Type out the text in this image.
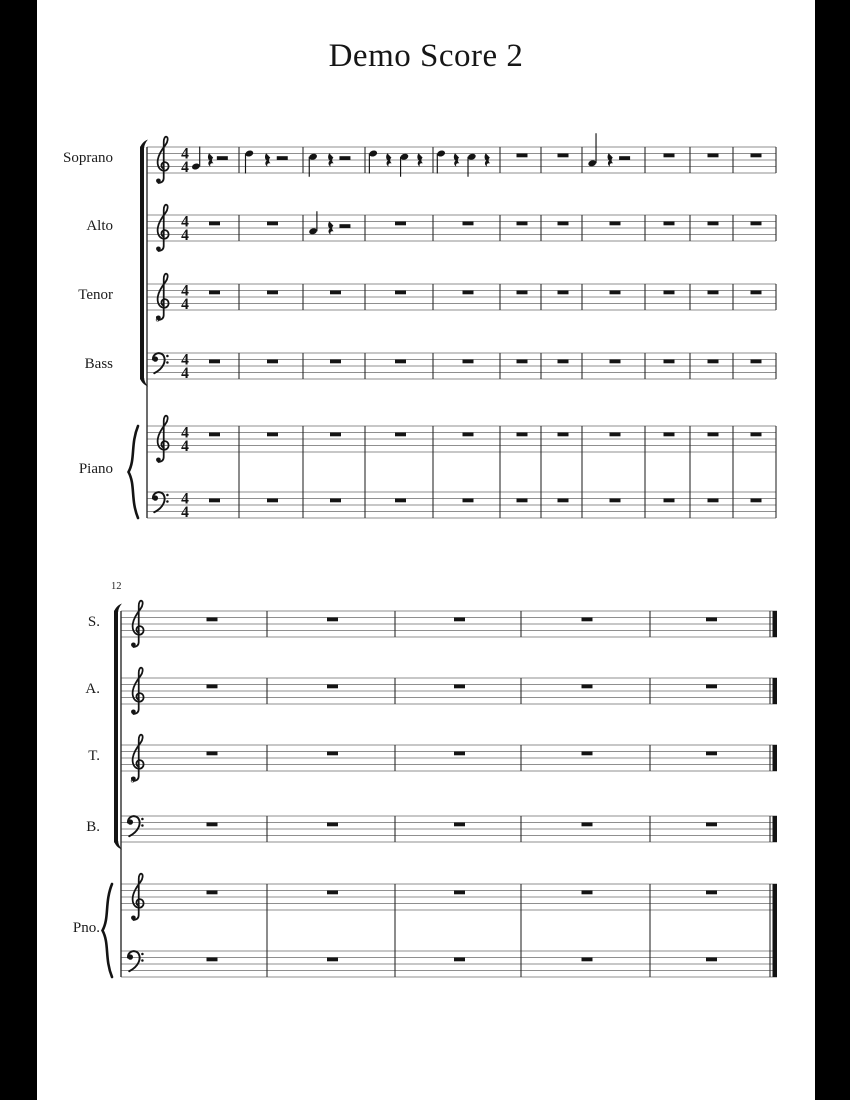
Demo Score 2
12
4
4
4
4
8
4
4
4
4
4
4
4
4
8
Soprano
Alto
Tenor
Bass
Piano
S.
A.
T.
B.
Pno.
